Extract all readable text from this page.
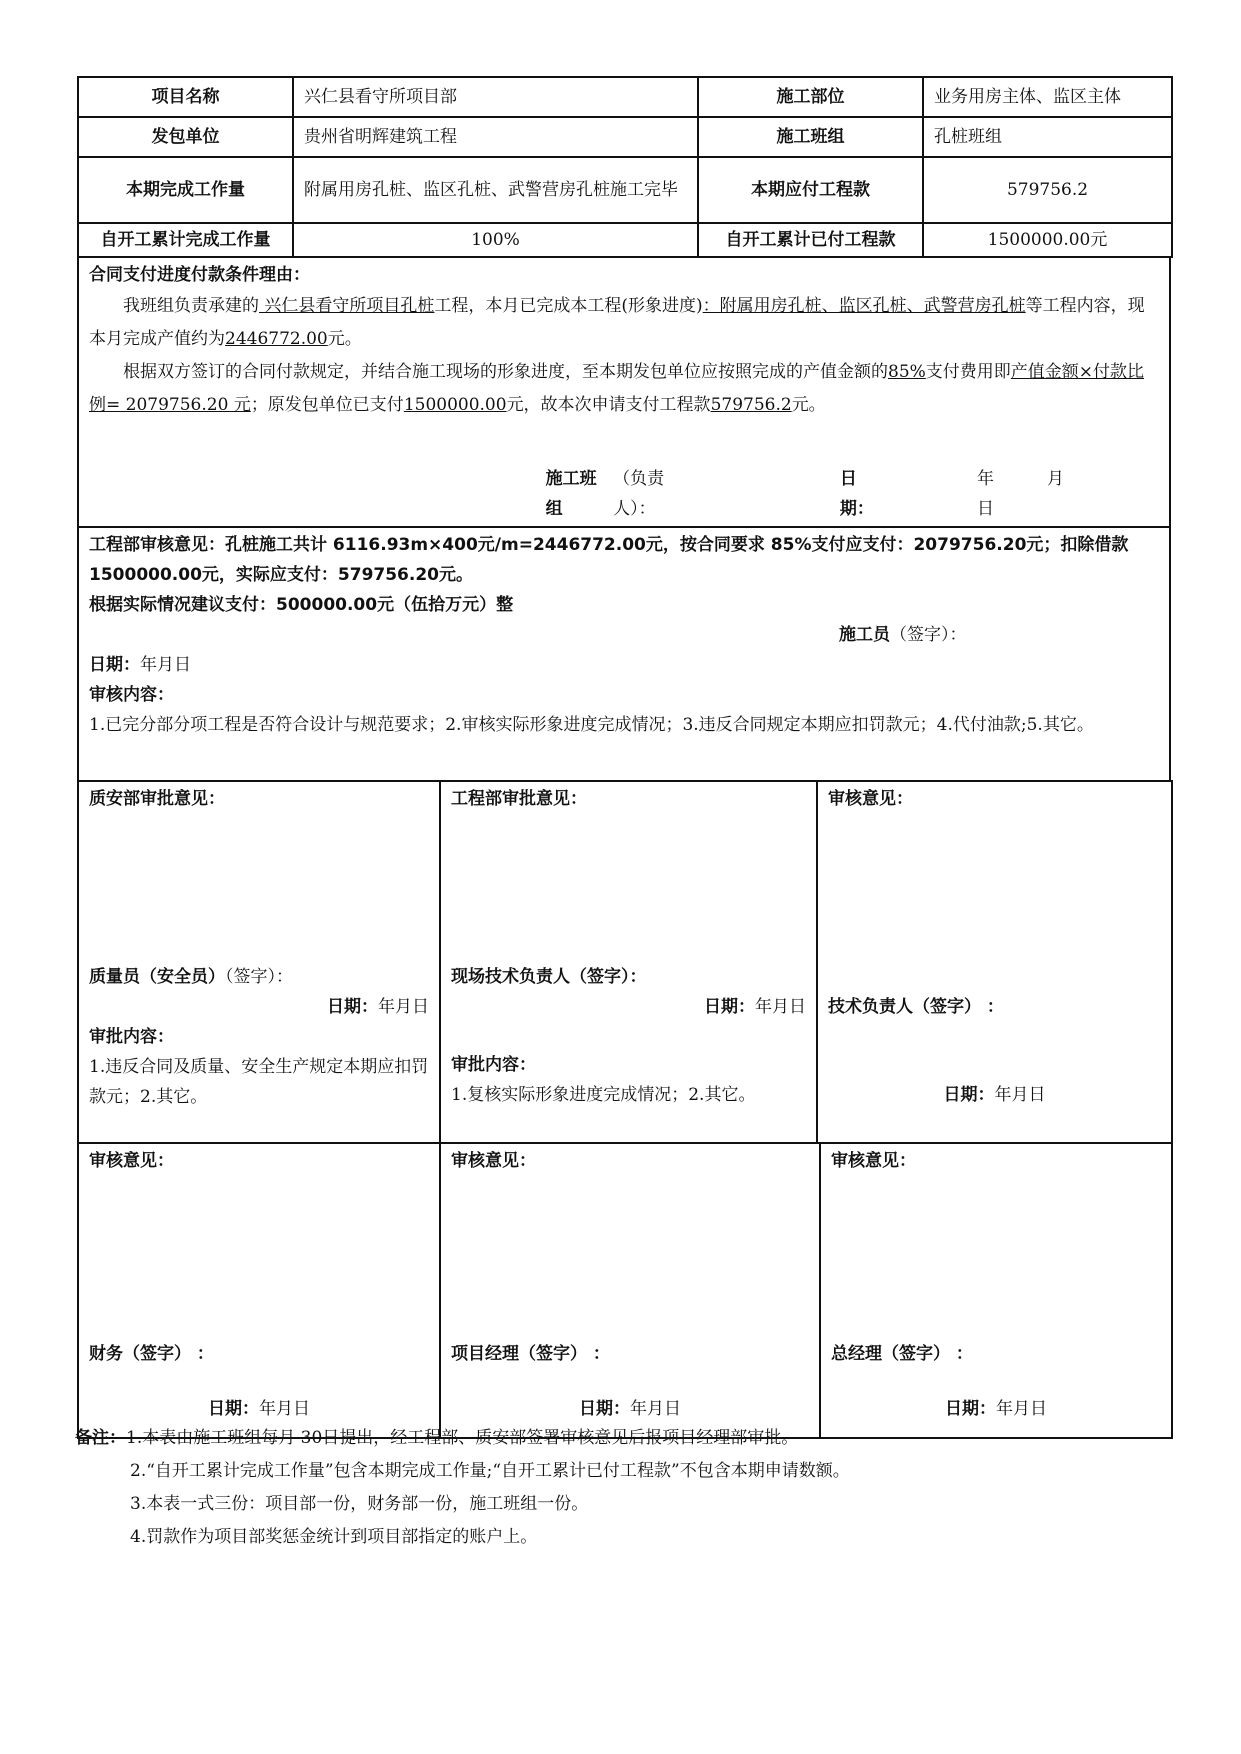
项目名称	兴仁县看守所项目部	施工部位	业务用房主体、监区主体
发包单位	贵州省明辉建筑工程	施工班组	孔桩班组
本期完成工作量	附属用房孔桩、监区孔桩、武警营房孔桩施工完毕	本期应付工程款	579756.2
自开工累计完成工作量	100%	自开工累计已付工程款	1500000.00元
合同支付进度付款条件理由：
我班组负责承建的 兴仁县看守所项目孔桩工程，本月已完成本工程(形象进度)：附属用房孔桩、监区孔桩、武警营房孔桩等工程内容，现本月完成产值约为2446772.00元。
根据双方签订的合同付款规定，并结合施工现场的形象进度，至本期发包单位应按照完成的产值金额的85%支付费用即产值金额×付款比例= 2079756.20 元；原发包单位已支付1500000.00元，故本次申请支付工程款579756.2元。
施工班组
（负责人）：
日期：
年	月日
工程部审核意见：孔桩施工共计 6116.93m×400元/m=2446772.00元，按合同要求 85%支付应支付：2079756.20元；扣除借款1500000.00元，实际应支付：579756.20元。
根据实际情况建议支付：500000.00元（伍拾万元）整
施工员（签字）：
日期：年月日
审核内容：
1.已完分部分项工程是否符合设计与规范要求；2.审核实际形象进度完成情况；3.违反合同规定本期应扣罚款元；4.代付油款;5.其它。
质安部审批意见：
质量员（安全员）（签字）：
日期：年月日
审批内容：
1.违反合同及质量、安全生产规定本期应扣罚款元；2.其它。

工程部审批意见：
现场技术负责人（签字）：
日期：年月日
审批内容：
1.复核实际形象进度完成情况；2.其它。

审核意见：
技术负责人（签字） ：
日期：年月日
审核意见：
财务（签字） ：
日期：年月日

审核意见：
项目经理（签字） ：
日期：年月日

审核意见：
总经理（签字） ：
日期：年月日
备注：1.本表由施工班组每月 30日提出，经工程部、质安部签署审核意见后报项目经理部审批。
2.“自开工累计完成工作量”包含本期完成工作量;“自开工累计已付工程款”不包含本期申请数额。
3.本表一式三份：项目部一份，财务部一份，施工班组一份。
4.罚款作为项目部奖惩金统计到项目部指定的账户上。
